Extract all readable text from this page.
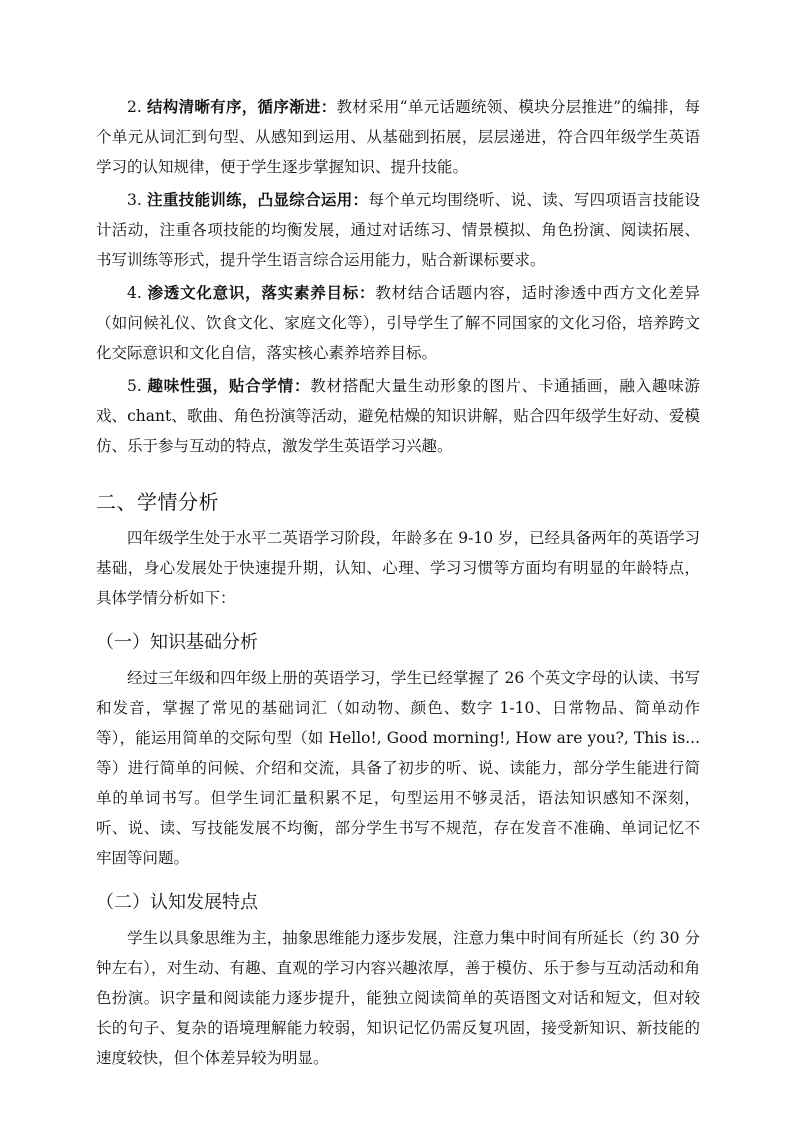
2. 结构清晰有序，循序渐进：教材采用“单元话题统领、模块分层推进”的编排，每个单元从词汇到句型、从感知到运用、从基础到拓展，层层递进，符合四年级学生英语学习的认知规律，便于学生逐步掌握知识、提升技能。

3. 注重技能训练，凸显综合运用：每个单元均围绕听、说、读、写四项语言技能设计活动，注重各项技能的均衡发展，通过对话练习、情景模拟、角色扮演、阅读拓展、书写训练等形式，提升学生语言综合运用能力，贴合新课标要求。

4. 渗透文化意识，落实素养目标：教材结合话题内容，适时渗透中西方文化差异（如问候礼仪、饮食文化、家庭文化等），引导学生了解不同国家的文化习俗，培养跨文化交际意识和文化自信，落实核心素养培养目标。

5. 趣味性强，贴合学情：教材搭配大量生动形象的图片、卡通插画，融入趣味游戏、chant、歌曲、角色扮演等活动，避免枯燥的知识讲解，贴合四年级学生好动、爱模仿、乐于参与互动的特点，激发学生英语学习兴趣。

二、学情分析

四年级学生处于水平二英语学习阶段，年龄多在 9-10 岁，已经具备两年的英语学习基础，身心发展处于快速提升期，认知、心理、学习习惯等方面均有明显的年龄特点，具体学情分析如下：

（一）知识基础分析

经过三年级和四年级上册的英语学习，学生已经掌握了 26 个英文字母的认读、书写和发音，掌握了常见的基础词汇（如动物、颜色、数字 1-10、日常物品、简单动作等），能运用简单的交际句型（如 Hello!, Good morning!, How are you?, This is...等）进行简单的问候、介绍和交流，具备了初步的听、说、读能力，部分学生能进行简单的单词书写。但学生词汇量积累不足，句型运用不够灵活，语法知识感知不深刻，听、说、读、写技能发展不均衡，部分学生书写不规范，存在发音不准确、单词记忆不牢固等问题。

（二）认知发展特点

学生以具象思维为主，抽象思维能力逐步发展，注意力集中时间有所延长（约 30 分钟左右），对生动、有趣、直观的学习内容兴趣浓厚，善于模仿、乐于参与互动活动和角色扮演。识字量和阅读能力逐步提升，能独立阅读简单的英语图文对话和短文，但对较长的句子、复杂的语境理解能力较弱，知识记忆仍需反复巩固，接受新知识、新技能的速度较快，但个体差异较为明显。
